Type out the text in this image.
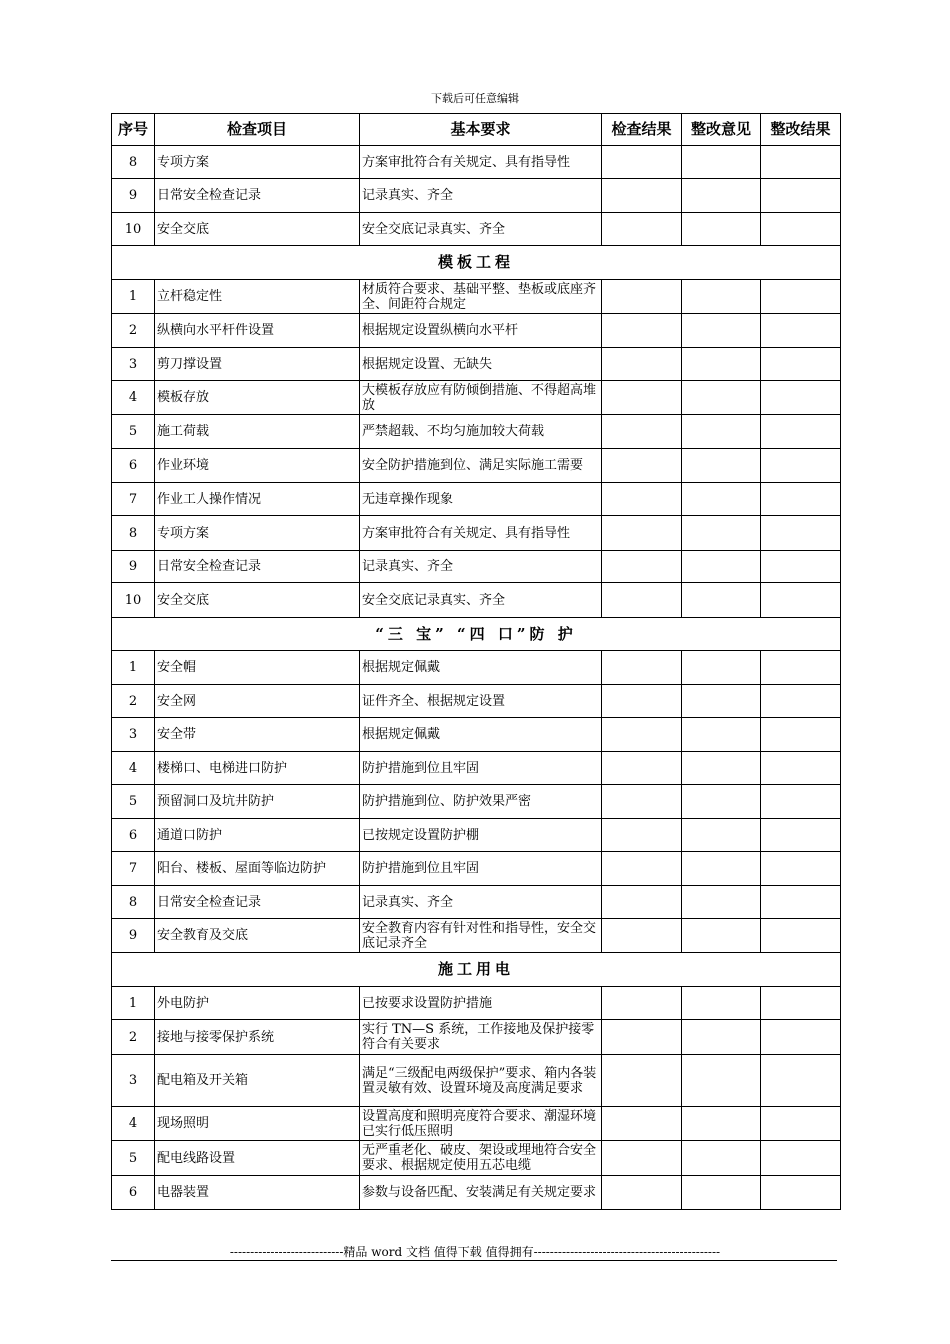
下载后可任意编辑
序号	检查项目	基本要求	检查结果	整改意见	整改结果
8	专项方案	方案审批符合有关规定、具有指导性			
9	日常安全检查记录	记录真实、齐全			
10	安全交底	安全交底记录真实、齐全			
模板工程					
1	立杆稳定性	材质符合要求、基础平整、垫板或底座齐全、间距符合规定			
2	纵横向水平杆件设置	根据规定设置纵横向水平杆			
3	剪刀撑设置	根据规定设置、无缺失			
4	模板存放	大模板存放应有防倾倒措施、不得超高堆放			
5	施工荷载	严禁超载、不均匀施加较大荷载			
6	作业环境	安全防护措施到位、满足实际施工需要			
7	作业工人操作情况	无违章操作现象			
8	专项方案	方案审批符合有关规定、具有指导性			
9	日常安全检查记录	记录真实、齐全			
10	安全交底	安全交底记录真实、齐全			
“三 宝” “四 口”防 护					
1	安全帽	根据规定佩戴			
2	安全网	证件齐全、根据规定设置			
3	安全带	根据规定佩戴			
4	楼梯口、电梯进口防护	防护措施到位且牢固			
5	预留洞口及坑井防护	防护措施到位、防护效果严密			
6	通道口防护	已按规定设置防护棚			
7	阳台、楼板、屋面等临边防护	防护措施到位且牢固			
8	日常安全检查记录	记录真实、齐全			
9	安全教育及交底	安全教育内容有针对性和指导性，安全交底记录齐全			
施工用电					
1	外电防护	已按要求设置防护措施			
2	接地与接零保护系统	实行 TN—S 系统，工作接地及保护接零符合有关要求			
3	配电箱及开关箱	满足“三级配电两级保护”要求、箱内各装置灵敏有效、设置环境及高度满足要求			
4	现场照明	设置高度和照明亮度符合要求、潮湿环境已实行低压照明			
5	配电线路设置	无严重老化、破皮、架设或埋地符合安全要求、根据规定使用五芯电缆			
6	电器装置	参数与设备匹配、安装满足有关规定要求			
----------------------------精品 word 文档 值得下载 值得拥有----------------------------------------------
